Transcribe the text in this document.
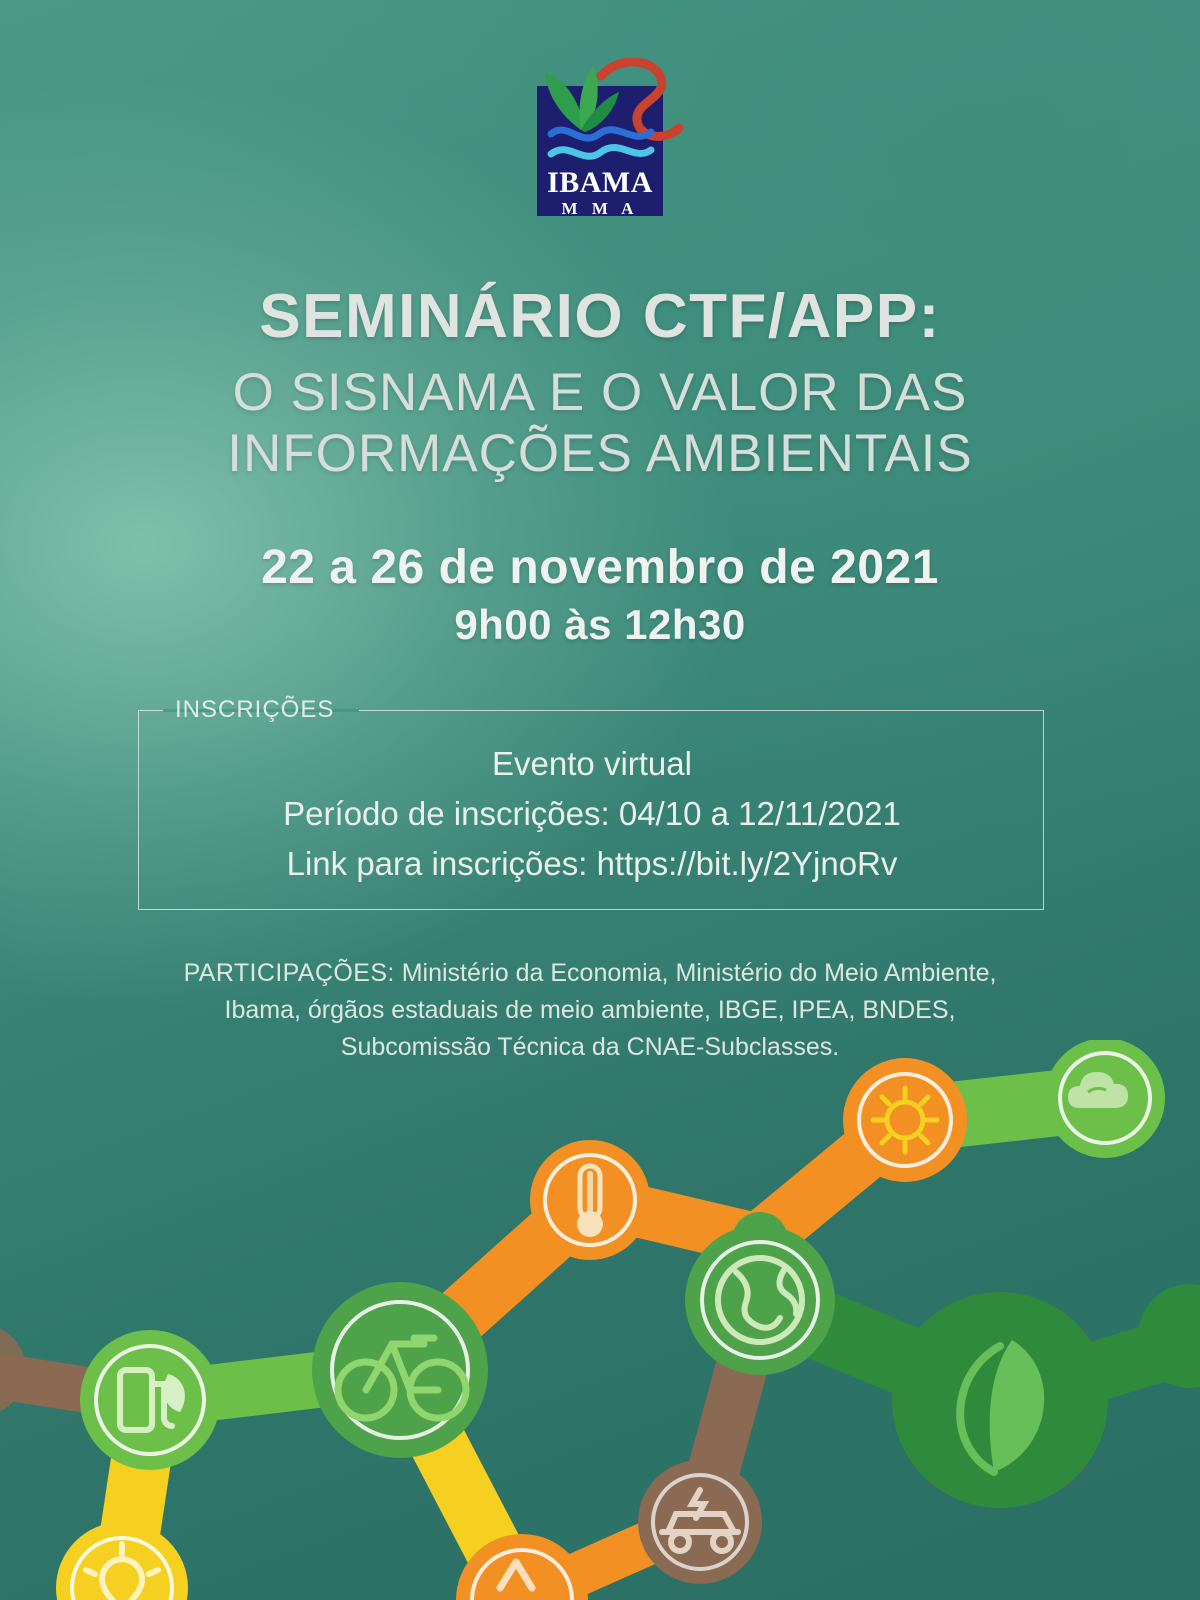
IBAMA
M M A
SEMINÁRIO CTF/APP:
O SISNAMA E O VALOR DAS
INFORMAÇÕES AMBIENTAIS
22 a 26 de novembro de 2021
9h00 às 12h30
INSCRIÇÕES
Evento virtual
Período de inscrições: 04/10 a 12/11/2021
Link para inscrições: https://bit.ly/2YjnoRv
PARTICIPAÇÕES: Ministério da Economia, Ministério do Meio Ambiente, Ibama, órgãos estaduais de meio ambiente, IBGE, IPEA, BNDES, Subcomissão Técnica da CNAE-Subclasses.
